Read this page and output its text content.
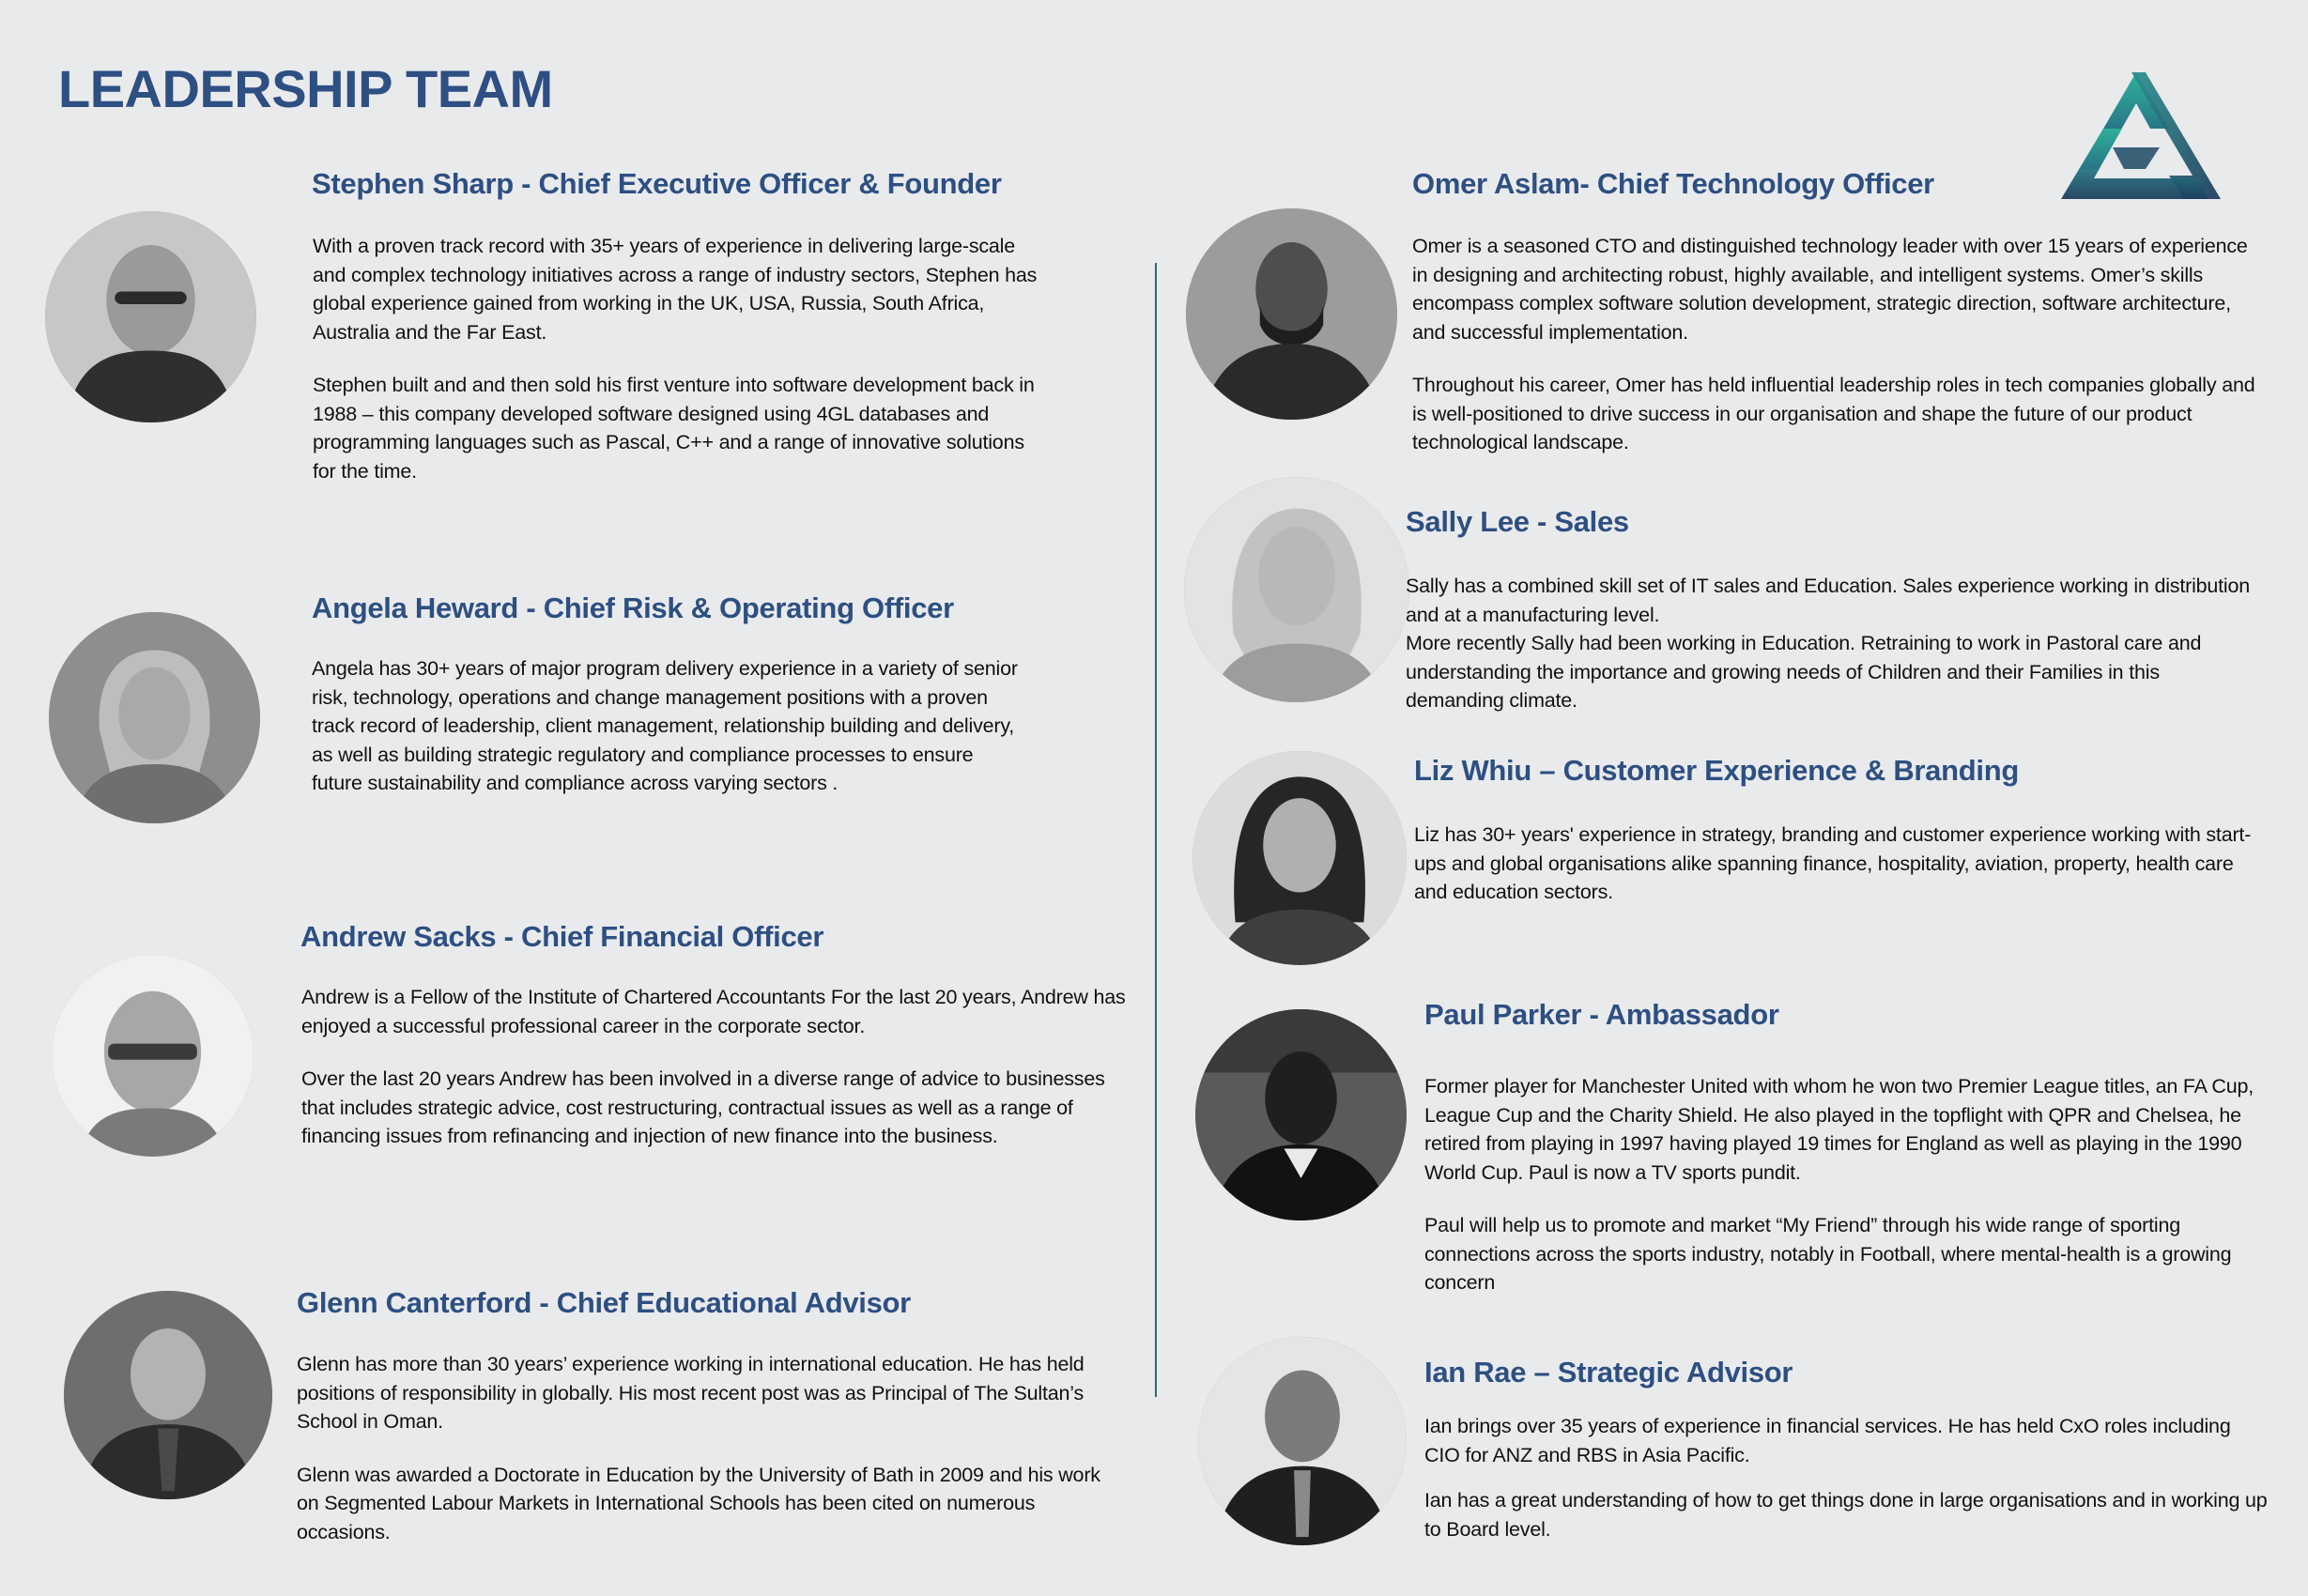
LEADERSHIP TEAM
Stephen Sharp - Chief Executive Officer & Founder

With a proven track record with 35+ years of experience in delivering large-scale and complex technology initiatives across a range of industry sectors, Stephen has global experience gained from working in the UK, USA, Russia, South Africa, Australia and the Far East.

Stephen built and and then sold his first venture into software development back in 1988 – this company developed software designed using 4GL databases and programming languages such as Pascal, C++ and a range of innovative solutions for the time.

Angela Heward - Chief Risk & Operating Officer

Angela has 30+ years of major program delivery experience in a variety of senior risk, technology, operations and change management positions with a proven track record of leadership, client management, relationship building and delivery, as well as building strategic regulatory and compliance processes to ensure future sustainability and compliance across varying sectors .

Andrew Sacks - Chief Financial Officer

Andrew is a Fellow of the Institute of Chartered Accountants For the last 20 years, Andrew has enjoyed a successful professional career in the corporate sector.

Over the last 20 years Andrew has been involved in a diverse range of advice to businesses that includes strategic advice, cost restructuring, contractual issues as well as a range of financing issues from refinancing and injection of new finance into the business.

Glenn Canterford - Chief Educational Advisor

Glenn has more than 30 years’ experience working in international education. He has held positions of responsibility in globally. His most recent post was as Principal of The Sultan’s School in Oman.

Glenn was awarded a Doctorate in Education by the University of Bath in 2009 and his work on Segmented Labour Markets in International Schools has been cited on numerous occasions.

Omer Aslam- Chief Technology Officer

Omer is a seasoned CTO and distinguished technology leader with over 15 years of experience in designing and architecting robust, highly available, and intelligent systems. Omer’s skills encompass complex software solution development, strategic direction, software architecture, and successful implementation.

Throughout his career, Omer has held influential leadership roles in tech companies globally and is well-positioned to drive success in our organisation and shape the future of our product technological landscape.

Sally Lee - Sales

Sally has a combined skill set of IT sales and Education. Sales experience working in distribution and at a manufacturing level.

More recently Sally had been working in Education. Retraining to work in Pastoral care and understanding the importance and growing needs of Children and their Families in this demanding climate.

Liz Whiu – Customer Experience & Branding

Liz has 30+ years' experience in strategy, branding and customer experience working with start-ups and global organisations alike spanning finance, hospitality, aviation, property, health care and education sectors.

Paul Parker - Ambassador

Former player for Manchester United with whom he won two Premier League titles, an FA Cup, League Cup and the Charity Shield. He also played in the topflight with QPR and Chelsea, he retired from playing in 1997 having played 19 times for England as well as playing in the 1990 World Cup. Paul is now a TV sports pundit.

Paul will help us to promote and market “My Friend” through his wide range of sporting connections across the sports industry, notably in Football, where mental-health is a growing concern

Ian Rae – Strategic Advisor

Ian brings over 35 years of experience in financial services. He has held CxO roles including CIO for ANZ and RBS in Asia Pacific.

Ian has a great understanding of how to get things done in large organisations and in working up to Board level.
